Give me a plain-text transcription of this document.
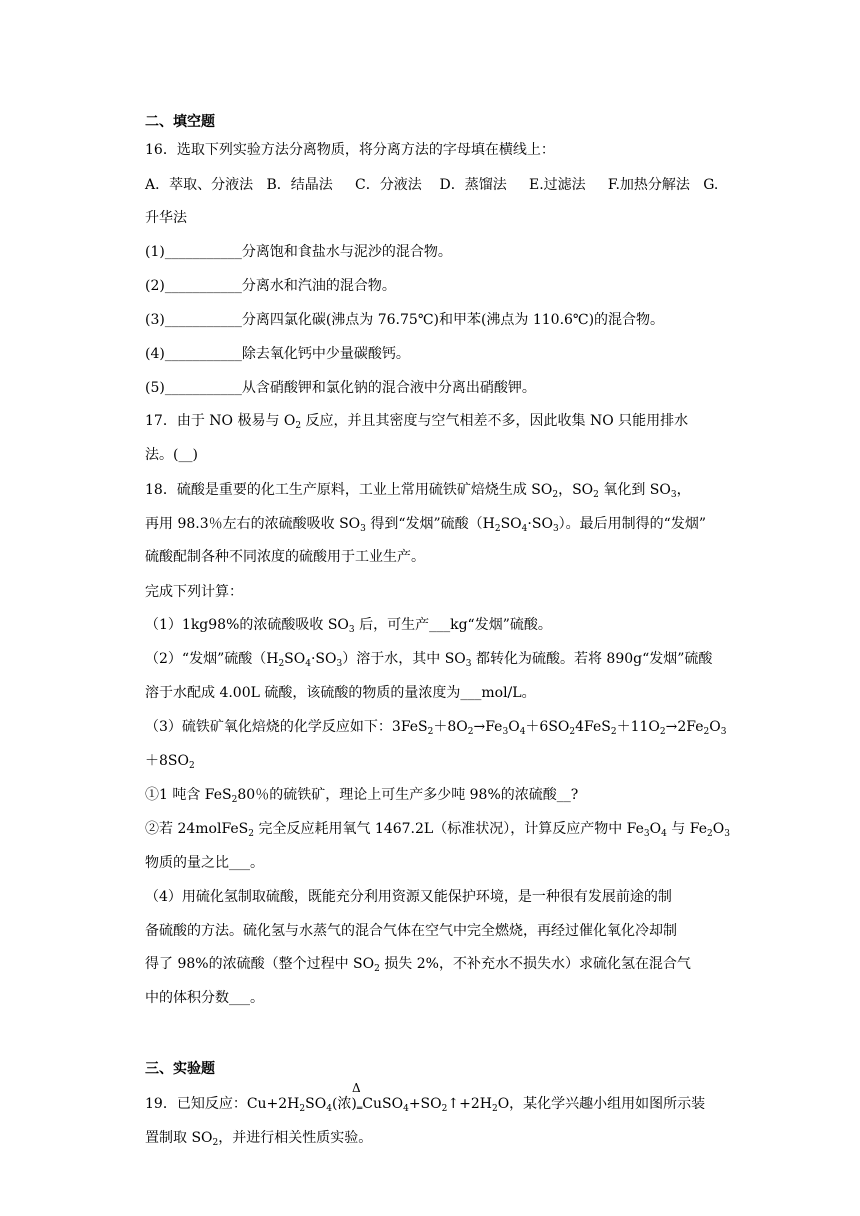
二、填空题
16．选取下列实验方法分离物质，将分离方法的字母填在横线上：
A．萃取、分液法   B．结晶法     C．分液法    D．蒸馏法     E.过滤法     F.加热分解法   G.
升华法
(1)___________分离饱和食盐水与泥沙的混合物。
(2)___________分离水和汽油的混合物。
(3)___________分离四氯化碳(沸点为 76.75℃)和甲苯(沸点为 110.6℃)的混合物。
(4)___________除去氧化钙中少量碳酸钙。
(5)___________从含硝酸钾和氯化钠的混合液中分离出硝酸钾。
17．由于 NO 极易与 $O_2$ 反应，并且其密度与空气相差不多，因此收集 NO 只能用排水
法。(__)
18．硫酸是重要的化工生产原料，工业上常用硫铁矿焙烧生成 $SO_2$，$SO_2$ 氧化到 $SO_3$，
再用 98.3％左右的浓硫酸吸收 $SO_3$ 得到“发烟”硫酸$(H_2SO_4\cdot SO_3)$。最后用制得的“发烟”
硫酸配制各种不同浓度的硫酸用于工业生产。
完成下列计算：
（1）1kg98%的浓硫酸吸收 $SO_3$ 后，可生产___kg“发烟”硫酸。
（2）“发烟”硫酸$(H_2SO_4\cdot SO_3)$溶于水，其中 $SO_3$ 都转化为硫酸。若将 890g“发烟”硫酸
溶于水配成 4.00L 硫酸，该硫酸的物质的量浓度为___mol/L。
（3）硫铁矿氧化焙烧的化学反应如下：$3FeS_2+8O_2\to Fe_3O_4+6SO_24FeS_2+11O_2\to 2Fe_2O_3$
$+8SO_2$
①1 吨含 FeS$_2$80％的硫铁矿，理论上可生产多少吨 98%的浓硫酸__?
②若 24molFeS$_2$ 完全反应耗用氧气 1467.2L（标准状况），计算反应产物中 $Fe_3O_4$ 与 $Fe_2O_3$
物质的量之比___。
（4）用硫化氢制取硫酸，既能充分利用资源又能保护环境，是一种很有发展前途的制
备硫酸的方法。硫化氢与水蒸气的混合气体在空气中完全燃烧，再经过催化氧化冷却制
得了 98%的浓硫酸（整个过程中 $SO_2$ 损失 2%，不补充水不损失水）求硫化氢在混合气
中的体积分数___。
三、实验题
Δ
19．已知反应：$Cu+2H_2SO_4$(浓)$_═CuSO_4+SO_2↑+2H_2O$，某化学兴趣小组用如图所示装
置制取 $SO_2$，并进行相关性质实验。
